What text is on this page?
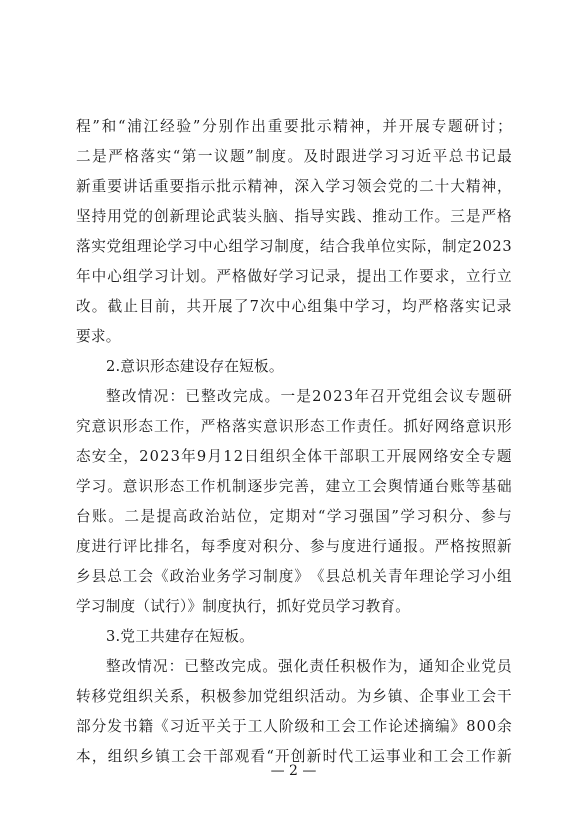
程 ” 和 “ 浦 江 经 验 ” 分 别 作 出 重 要 批 示 精 神 ， 并 开 展 专 题 研 讨 ；
二 是 严 格 落 实 “ 第 一 议 题 ” 制 度 。 及 时 跟 进 学 习 习 近 平 总 书 记 最
新 重 要 讲 话 重 要 指 示 批 示 精 神 ， 深 入 学 习 领 会 党 的 二 十 大 精 神 ，
坚 持 用 党 的 创 新 理 论 武 装 头 脑 、 指 导 实 践 、 推 动 工 作 。 三 是 严 格
落 实 党 组 理 论 学 习 中 心 组 学 习 制 度 ， 结 合 我 单 位 实 际 ， 制 定 2 0 2 3
年 中 心 组 学 习 计 划 。 严 格 做 好 学 习 记 录 ， 提 出 工 作 要 求 ， 立 行 立
改 。 截 止 目 前 ， 共 开 展 了 7 次 中 心 组 集 中 学 习 ， 均 严 格 落 实 记 录
要求。
2.意识形态建设存在短板。
整 改 情 况 ： 已 整 改 完 成 。 一 是 2 0 2 3 年 召 开 党 组 会 议 专 题 研
究 意 识 形 态 工 作 ， 严 格 落 实 意 识 形 态 工 作 责 任 。 抓 好 网 络 意 识 形
态 安 全 ， 2 0 2 3 年 9 月 1 2 日 组 织 全 体 干 部 职 工 开 展 网 络 安 全 专 题
学 习 。 意 识 形 态 工 作 机 制 逐 步 完 善 ， 建 立 工 会 舆 情 通 台 账 等 基 础
台 账 。 二 是 提 高 政 治 站 位 ， 定 期 对 “ 学 习 强 国 ” 学 习 积 分 、 参 与
度 进 行 评 比 排 名 ， 每 季 度 对 积 分 、 参 与 度 进 行 通 报 。 严 格 按 照 新
乡 县 总 工 会 《 政 治 业 务 学 习 制 度 》 《 县 总 机 关 青 年 理 论 学 习 小 组
学习制度（试行）》制度执行，抓好党员学习教育。
3.党工共建存在短板。
整 改 情 况 ： 已 整 改 完 成 。 强 化 责 任 积 极 作 为 ， 通 知 企 业 党 员
转 移 党 组 织 关 系 ， 积 极 参 加 党 组 织 活 动 。 为 乡 镇 、 企 事 业 工 会 干
部 分 发 书 籍 《 习 近 平 关 于 工 人 阶 级 和 工 会 工 作 论 述 摘 编 》 8 0 0 余
本 ， 组 织 乡 镇 工 会 干 部 观 看 “ 开 创 新 时 代 工 运 事 业 和 工 会 工 作 新
— 2 —
